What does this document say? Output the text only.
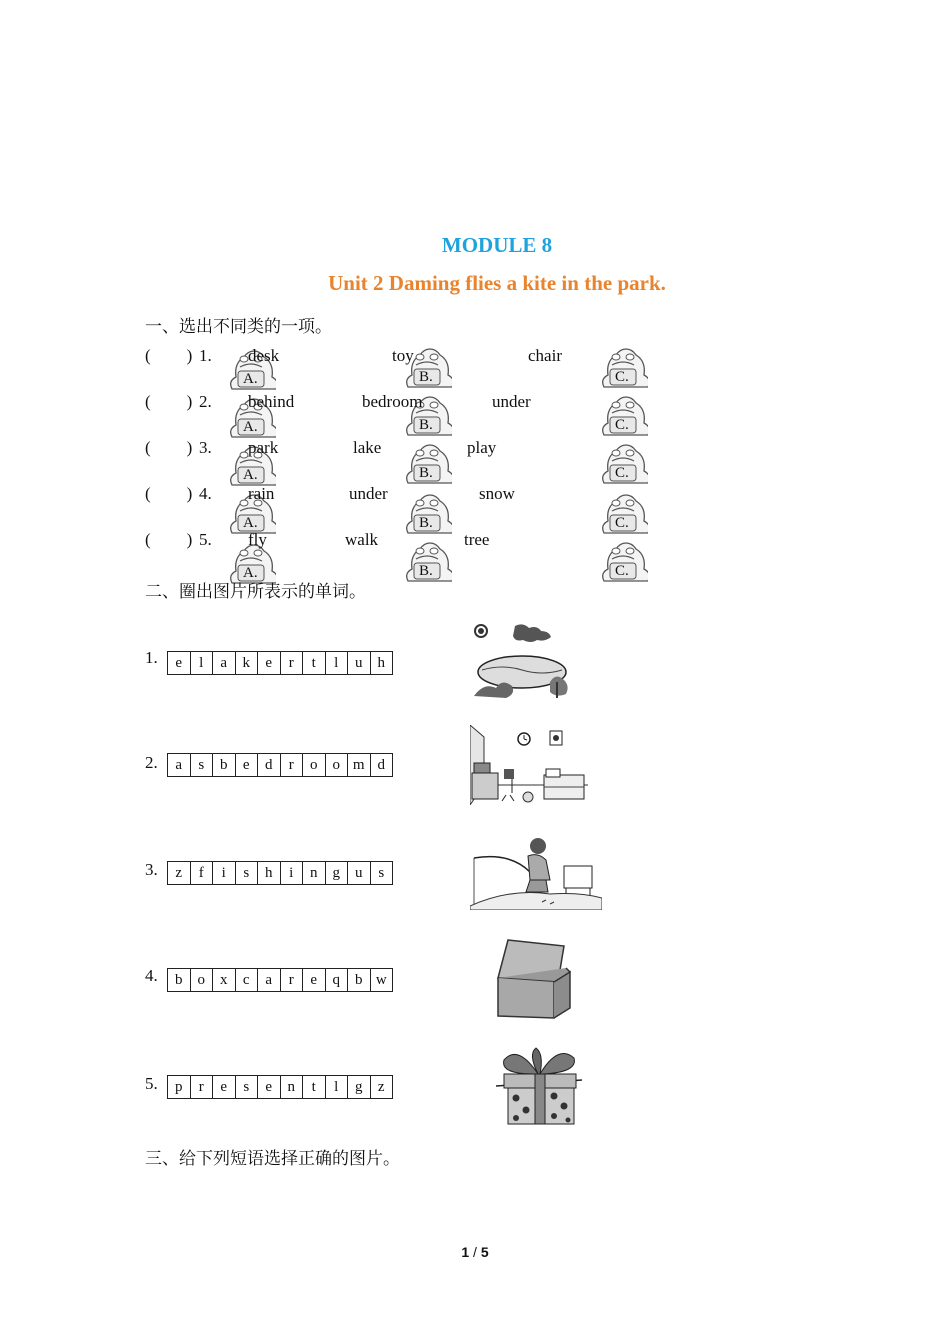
MODULE 8
Unit 2 Daming flies a kite in the park.
一、选出不同类的一项。
( ) 1.
A.
desk
B.
toy
C.
chair
( ) 2.
A.
behind
B.
bedroom
C.
under
( ) 3.
A.
park
B.
lake
C.
play
( ) 4.
A.
rain
B.
under
C.
snow
( ) 5.
A.
fly
B.
walk
C.
tree
二、圈出图片所表示的单词。
1.	e	l	a	k	e	r	t	l	u	h
2.	a	s	b	e	d	r	o	o m d
3.	z	f	i	s	h	i	n	g	u	s
4.	b	o	x	c	a	r	e	q	b w
5.	p	r	e	s	e	n	t	l	g	z
三、给下列短语选择正确的图片。
1 / 5
